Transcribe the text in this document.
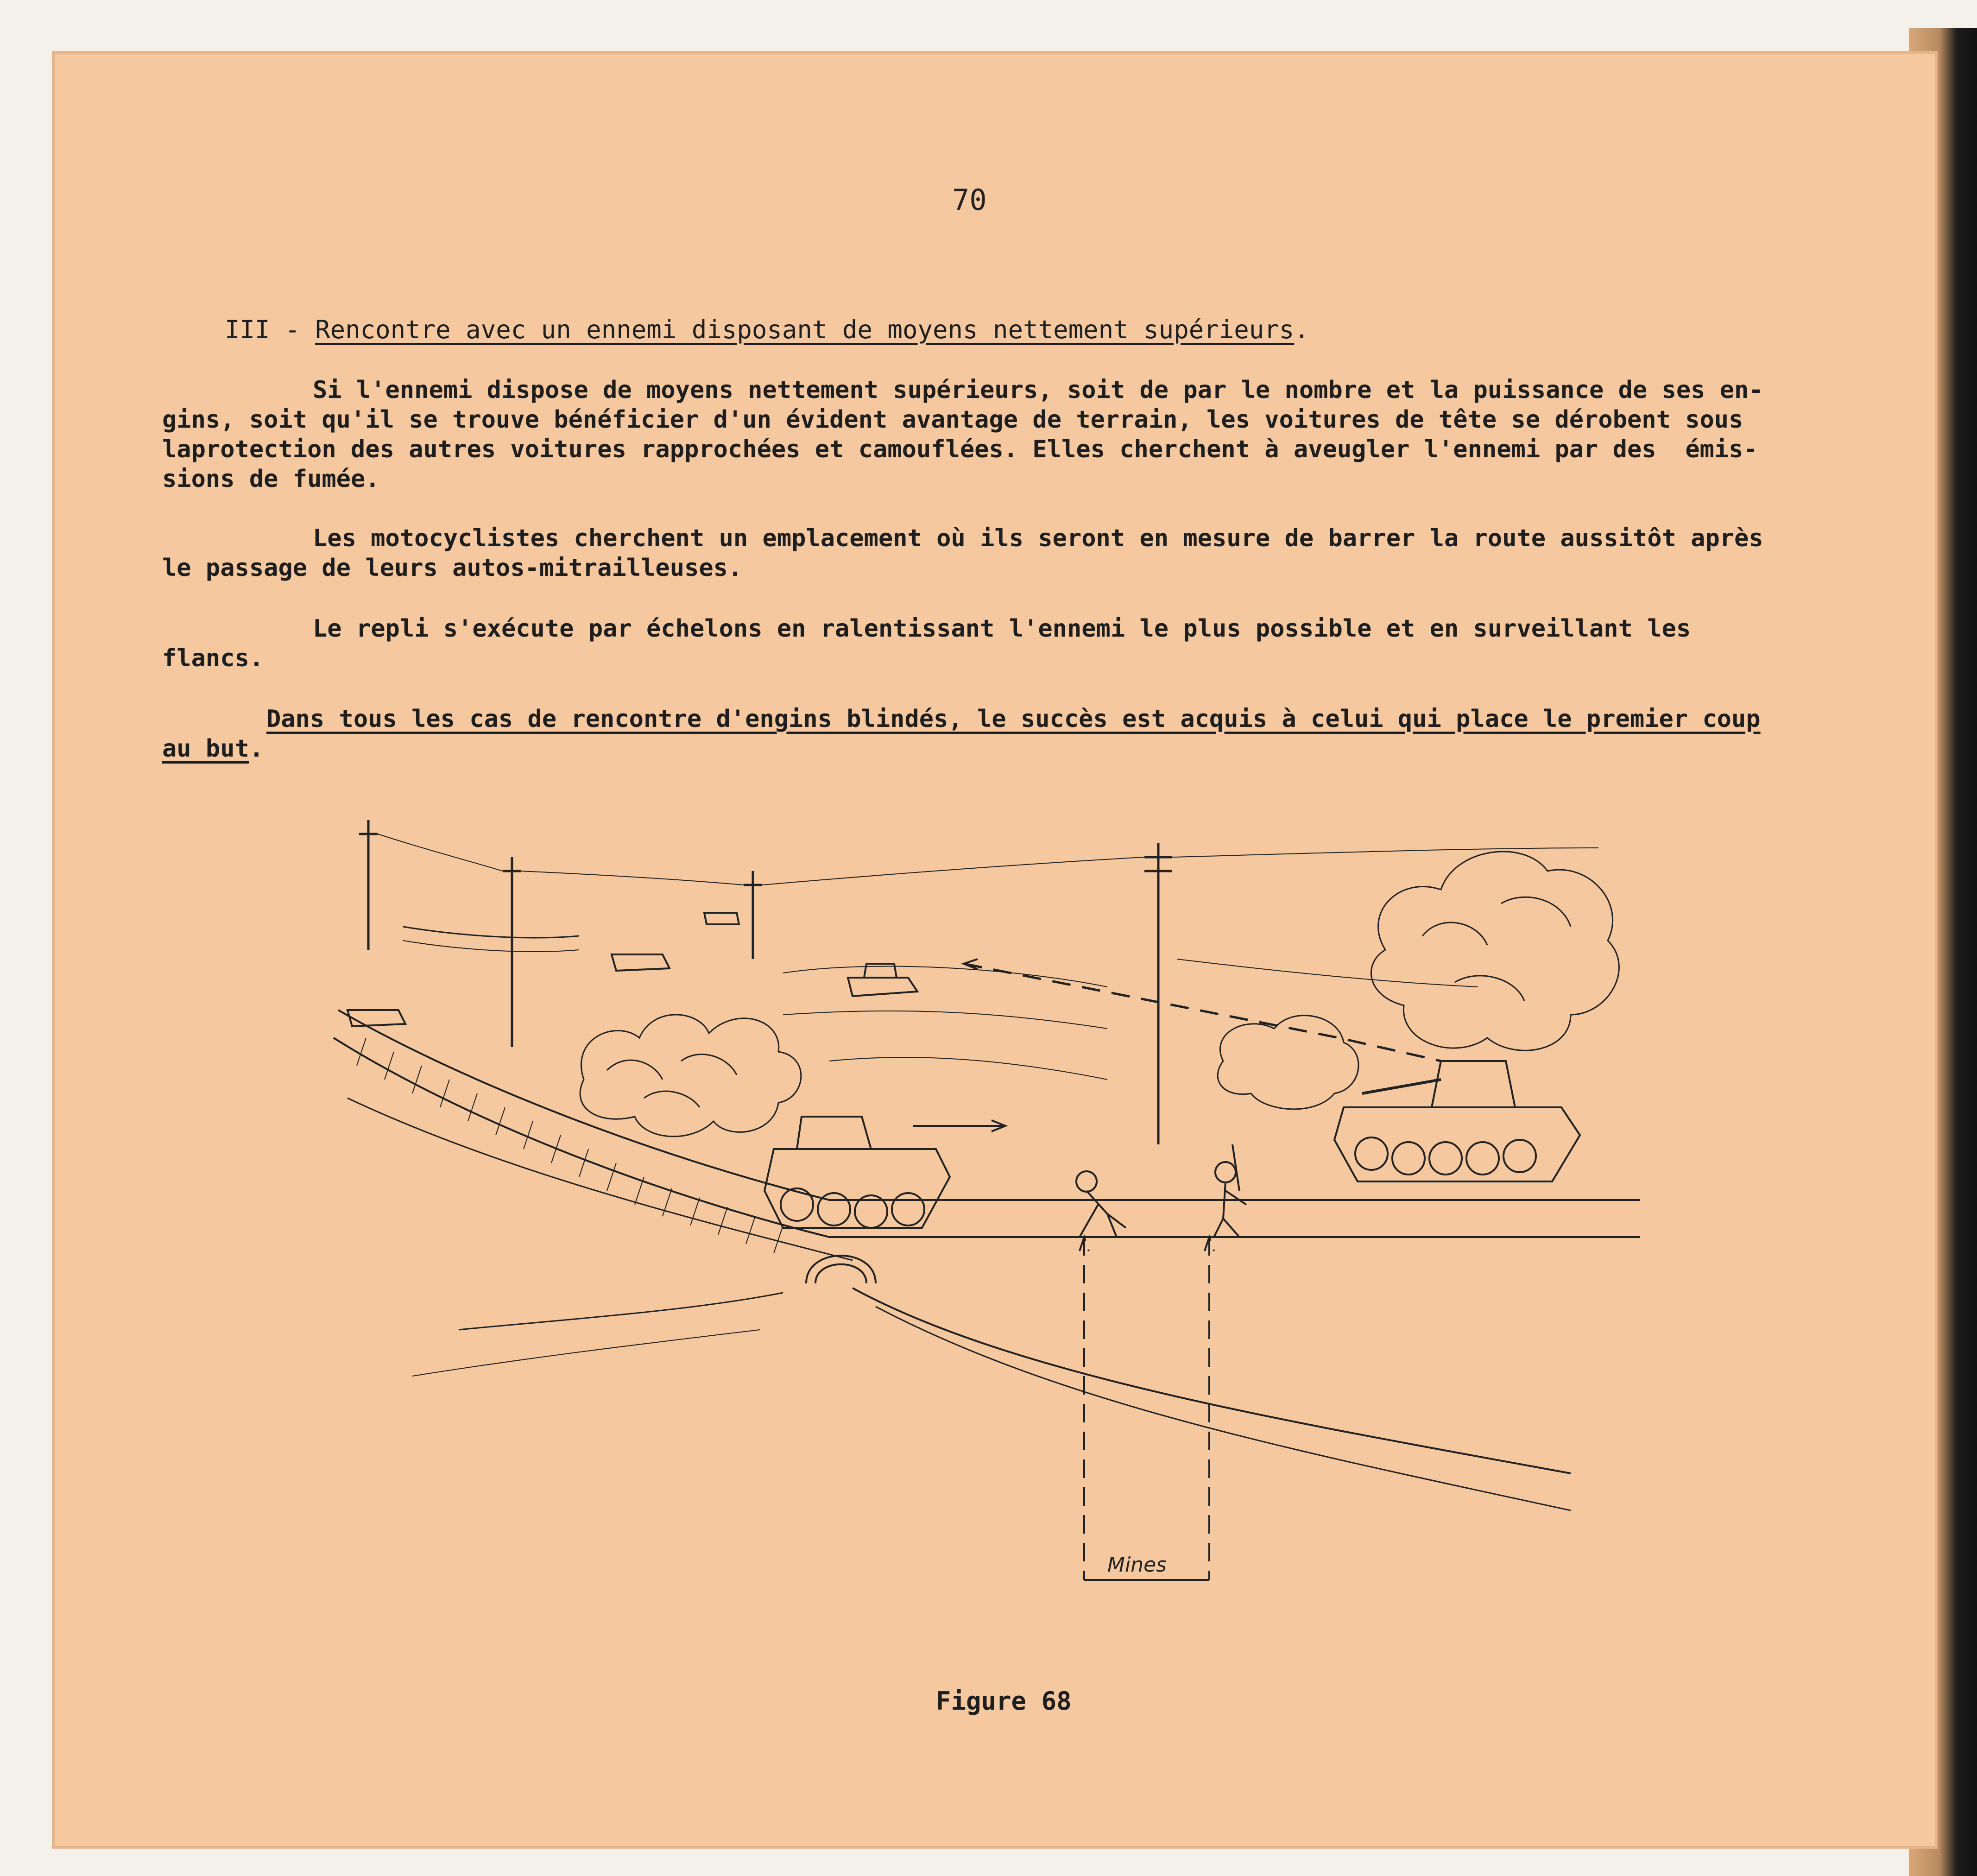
70
III - Rencontre avec un ennemi disposant de moyens nettement supérieurs.
Si l'ennemi dispose de moyens nettement supérieurs, soit de par le nombre et la puissance de ses en-
gins, soit qu'il se trouve bénéficier d'un évident avantage de terrain, les voitures de tête se dérobent sous
laprotection des autres voitures rapprochées et camouflées. Elles cherchent à aveugler l'ennemi par des  émis-
sions de fumée.
Les motocyclistes cherchent un emplacement où ils seront en mesure de barrer la route aussitôt après
le passage de leurs autos-mitrailleuses.
Le repli s'exécute par échelons en ralentissant l'ennemi le plus possible et en surveillant les
flancs.
Dans tous les cas de rencontre d'engins blindés, le succès est acquis à celui qui place le premier coup
au but.
Mines
Figure 68
